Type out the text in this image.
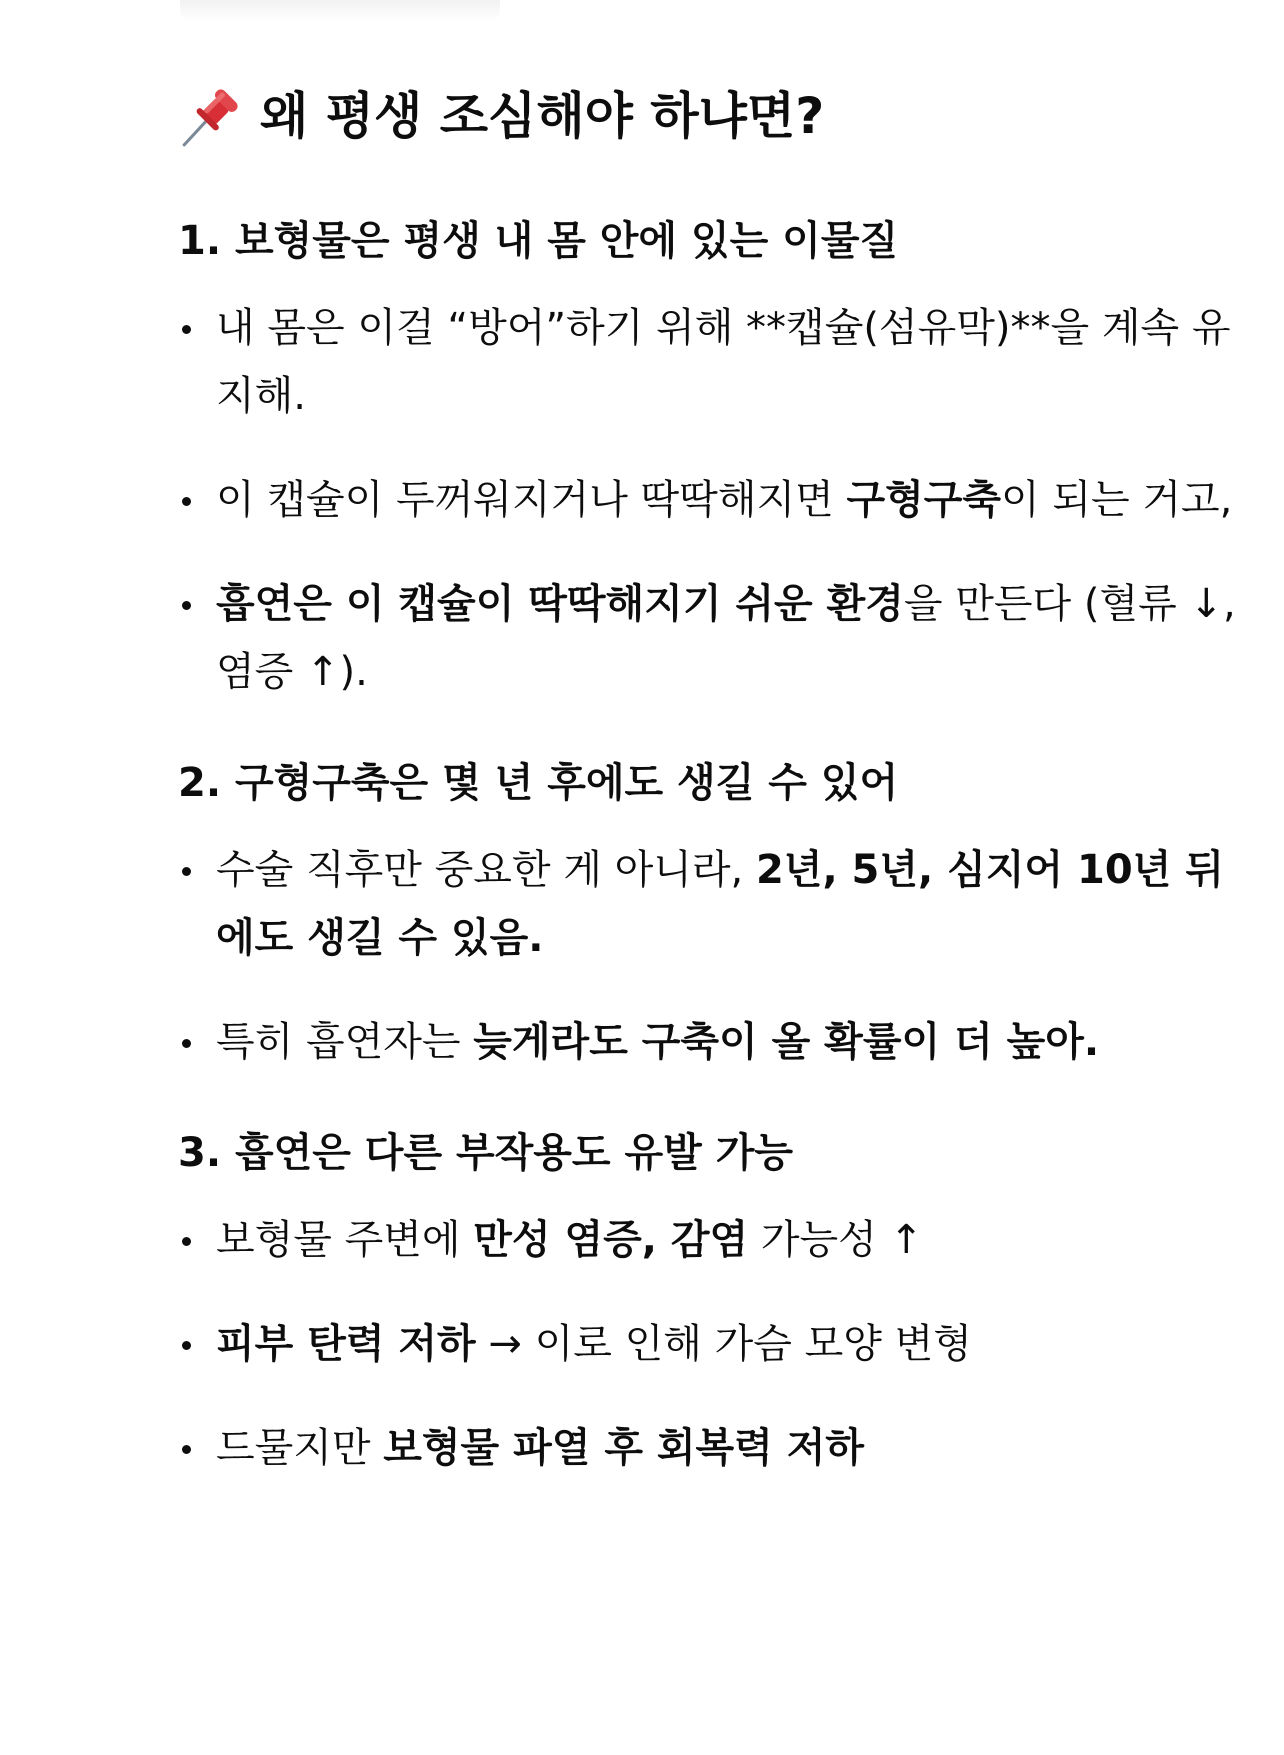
왜 평생 조심해야 하냐면?
1. 보형물은 평생 내 몸 안에 있는 이물질
내 몸은 이걸 “방어”하기 위해 **캡슐(섬유막)**을 계속 유지해.
이 캡슐이 두꺼워지거나 딱딱해지면 구형구축이 되는 거고,
흡연은 이 캡슐이 딱딱해지기 쉬운 환경을 만든다 (혈류 ↓, 염증 ↑).
2. 구형구축은 몇 년 후에도 생길 수 있어
수술 직후만 중요한 게 아니라, 2년, 5년, 심지어 10년 뒤에도 생길 수 있음.
특히 흡연자는 늦게라도 구축이 올 확률이 더 높아.
3. 흡연은 다른 부작용도 유발 가능
보형물 주변에 만성 염증, 감염 가능성 ↑
피부 탄력 저하 → 이로 인해 가슴 모양 변형
드물지만 보형물 파열 후 회복력 저하
